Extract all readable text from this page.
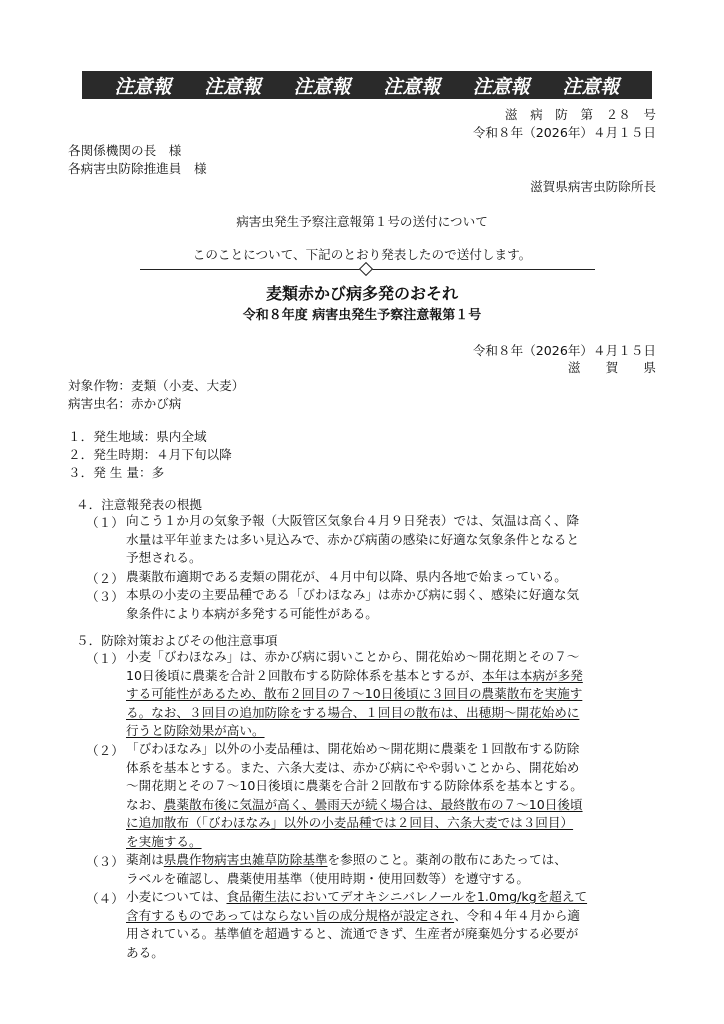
注意報 注意報 注意報 注意報 注意報 注意報
滋　病　防　第　２８　号
令和８年（2026年）４月１５日
各関係機関の長　様
各病害虫防除推進員　様
滋賀県病害虫防除所長
病害虫発生予察注意報第１号の送付について
このことについて、下記のとおり発表したので送付します。
麦類赤かび病多発のおそれ
令和８年度 病害虫発生予察注意報第１号
令和８年（2026年）４月１５日
滋　　賀　　県
対象作物：麦類（小麦、大麦）
病害虫名：赤かび病
１．発生地域：県内全域
２．発生時期：４月下旬以降
３．発 生 量：多
４．注意報発表の根拠
（１） 向こう１か月の気象予報（大阪管区気象台４月９日発表）では、気温は高く、降
水量は平年並または多い見込みで、赤かび病菌の感染に好適な気象条件となると
予想される。
（２） 農薬散布適期である麦類の開花が、４月中旬以降、県内各地で始まっている。
（３） 本県の小麦の主要品種である「びわほなみ」は赤かび病に弱く、感染に好適な気
象条件により本病が多発する可能性がある。
５．防除対策およびその他注意事項
（１） 小麦「びわほなみ」は、赤かび病に弱いことから、開花始め～開花期とその７～
10日後頃に農薬を合計２回散布する防除体系を基本とするが、本年は本病が多発
する可能性があるため、散布２回目の７～10日後頃に３回目の農薬散布を実施す
る。なお、３回目の追加防除をする場合、１回目の散布は、出穂期～開花始めに
行うと防除効果が高い。
（２） 「びわほなみ」以外の小麦品種は、開花始め～開花期に農薬を１回散布する防除
体系を基本とする。また、六条大麦は、赤かび病にやや弱いことから、開花始め
～開花期とその７～10日後頃に農薬を合計２回散布する防除体系を基本とする。
なお、農薬散布後に気温が高く、曇雨天が続く場合は、最終散布の７～10日後頃
に追加散布（「びわほなみ」以外の小麦品種では２回目、六条大麦では３回目）
を実施する。
（３） 薬剤は県農作物病害虫雑草防除基準を参照のこと。薬剤の散布にあたっては、
ラベルを確認し、農薬使用基準（使用時期・使用回数等）を遵守する。
（４） 小麦については、食品衛生法においてデオキシニバレノールを1.0mg/kgを超えて
含有するものであってはならない旨の成分規格が設定され、令和４年４月から適
用されている。基準値を超過すると、流通できず、生産者が廃棄処分する必要が
ある。
